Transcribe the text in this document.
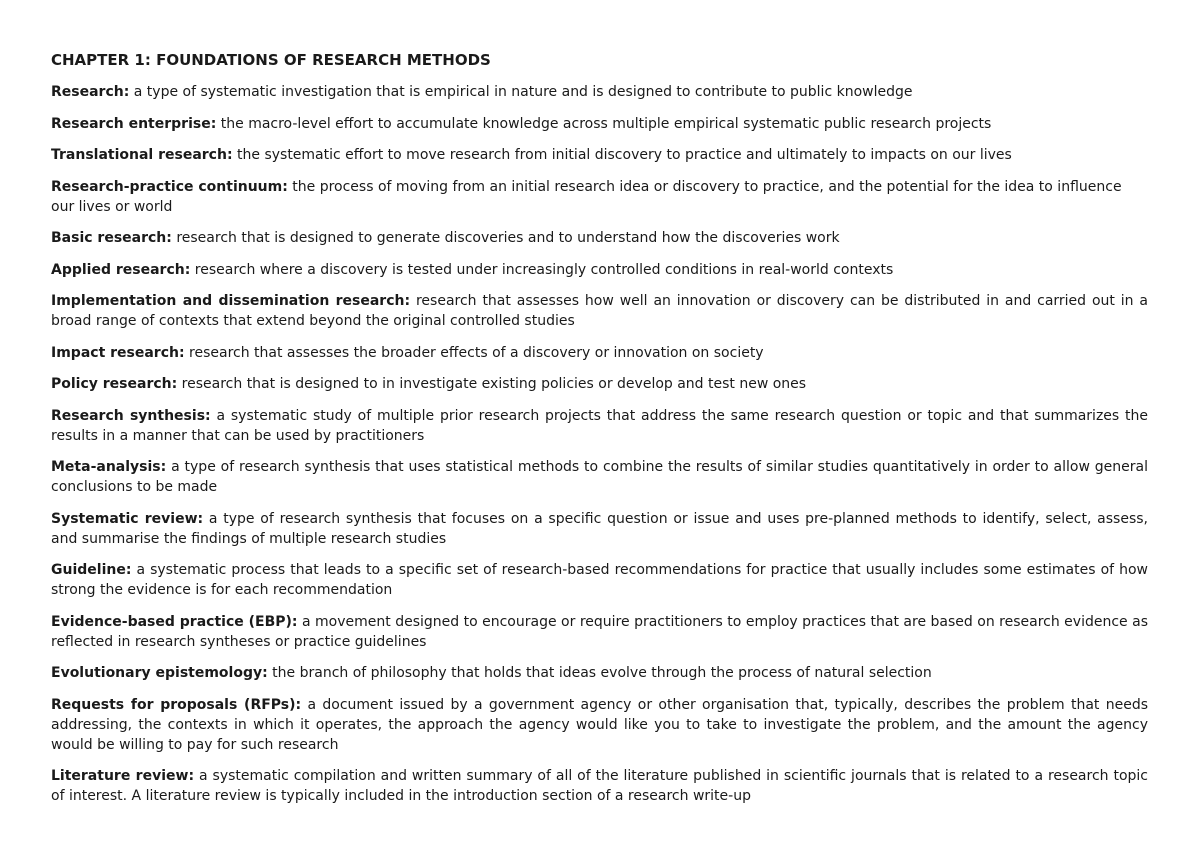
CHAPTER 1: FOUNDATIONS OF RESEARCH METHODS

Research: a type of systematic investigation that is empirical in nature and is designed to contribute to public knowledge

Research enterprise: the macro-level effort to accumulate knowledge across multiple empirical systematic public research projects

Translational research: the systematic effort to move research from initial discovery to practice and ultimately to impacts on our lives

Research-practice continuum: the process of moving from an initial research idea or discovery to practice, and the potential for the idea to influence our lives or world

Basic research: research that is designed to generate discoveries and to understand how the discoveries work

Applied research: research where a discovery is tested under increasingly controlled conditions in real-world contexts

Implementation and dissemination research: research that assesses how well an innovation or discovery can be distributed in and carried out in a broad range of contexts that extend beyond the original controlled studies

Impact research: research that assesses the broader effects of a discovery or innovation on society

Policy research: research that is designed to in investigate existing policies or develop and test new ones

Research synthesis: a systematic study of multiple prior research projects that address the same research question or topic and that summarizes the results in a manner that can be used by practitioners

Meta-analysis: a type of research synthesis that uses statistical methods to combine the results of similar studies quantitatively in order to allow general conclusions to be made

Systematic review: a type of research synthesis that focuses on a specific question or issue and uses pre-planned methods to identify, select, assess, and summarise the findings of multiple research studies

Guideline: a systematic process that leads to a specific set of research-based recommendations for practice that usually includes some estimates of how strong the evidence is for each recommendation

Evidence-based practice (EBP): a movement designed to encourage or require practitioners to employ practices that are based on research evidence as reflected in research syntheses or practice guidelines

Evolutionary epistemology: the branch of philosophy that holds that ideas evolve through the process of natural selection

Requests for proposals (RFPs): a document issued by a government agency or other organisation that, typically, describes the problem that needs addressing, the contexts in which it operates, the approach the agency would like you to take to investigate the problem, and the amount the agency would be willing to pay for such research

Literature review: a systematic compilation and written summary of all of the literature published in scientific journals that is related to a research topic of interest. A literature review is typically included in the introduction section of a research write-up
